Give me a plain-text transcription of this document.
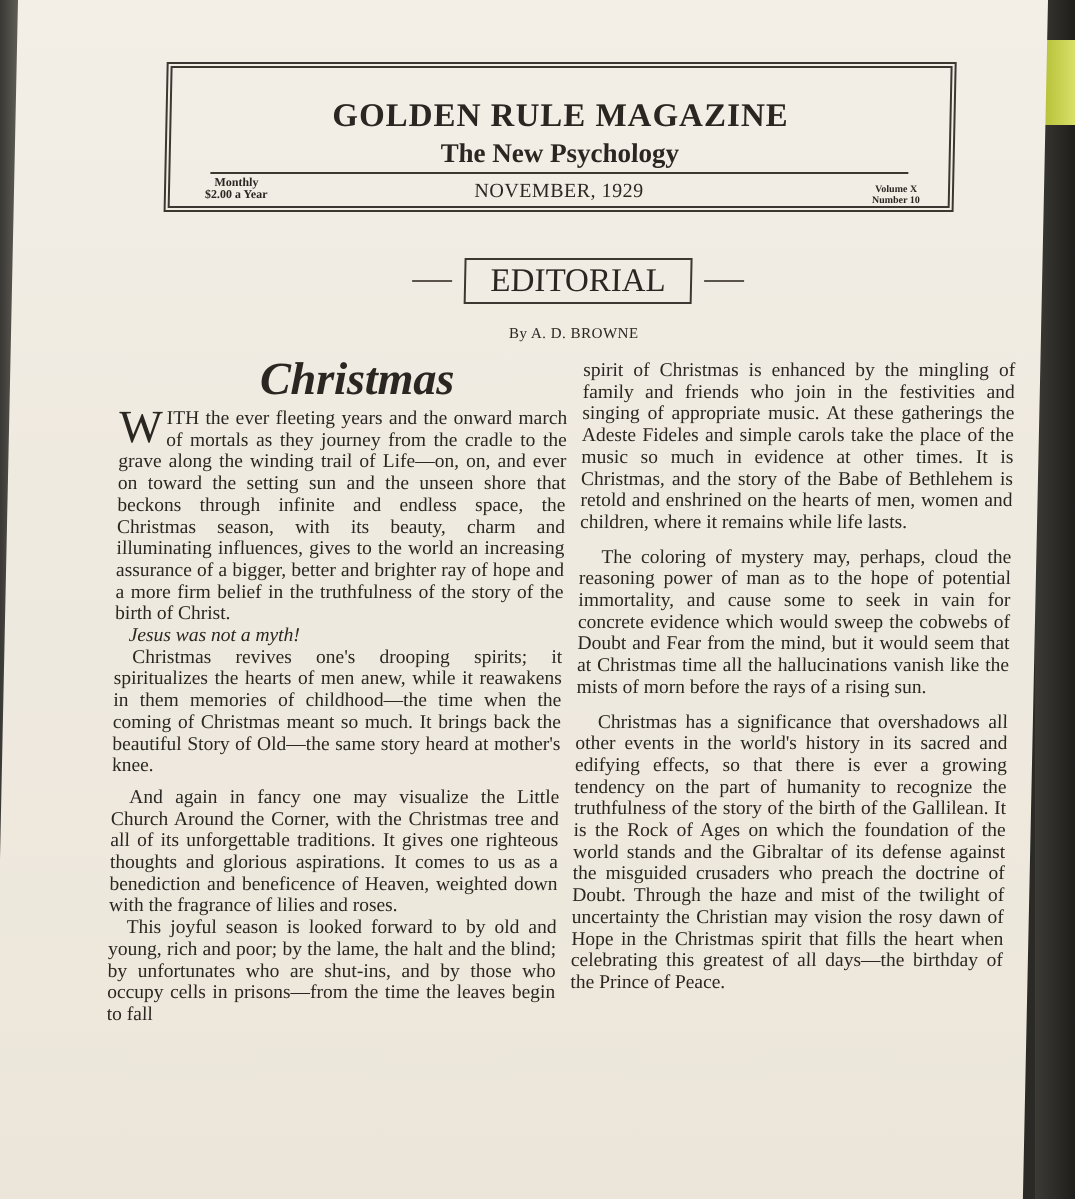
GOLDEN RULE MAGAZINE
The New Psychology
Monthly
$2.00 a Year	NOVEMBER, 1929	Volume X
Number 10
EDITORIAL
By A. D. BROWNE
Christmas

WITH the ever fleeting years and the onward march of mortals as they journey from the cradle to the grave along the winding trail of Life—on, on, and ever on toward the setting sun and the unseen shore that beckons through infinite and endless space, the Christmas season, with its beauty, charm and illuminating influences, gives to the world an increasing assurance of a bigger, better and brighter ray of hope and a more firm belief in the truthfulness of the story of the birth of Christ.

Jesus was not a myth!

Christmas revives one's drooping spirits; it spiritualizes the hearts of men anew, while it reawakens in them memories of childhood—the time when the coming of Christmas meant so much. It brings back the beautiful Story of Old—the same story heard at mother's knee.

And again in fancy one may visualize the Little Church Around the Corner, with the Christmas tree and all of its unforgettable traditions. It gives one righteous thoughts and glorious aspirations. It comes to us as a benediction and beneficence of Heaven, weighted down with the fragrance of lilies and roses.

This joyful season is looked forward to by old and young, rich and poor; by the lame, the halt and the blind; by unfortunates who are shut-ins, and by those who occupy cells in prisons—from the time the leaves begin to fall

spirit of Christmas is enhanced by the mingling of family and friends who join in the festivities and singing of appropriate music. At these gatherings the Adeste Fideles and simple carols take the place of the music so much in evidence at other times. It is Christmas, and the story of the Babe of Bethlehem is retold and enshrined on the hearts of men, women and children, where it remains while life lasts.

The coloring of mystery may, perhaps, cloud the reasoning power of man as to the hope of potential immortality, and cause some to seek in vain for concrete evidence which would sweep the cobwebs of Doubt and Fear from the mind, but it would seem that at Christmas time all the hallucinations vanish like the mists of morn before the rays of a rising sun.

Christmas has a significance that overshadows all other events in the world's history in its sacred and edifying effects, so that there is ever a growing tendency on the part of humanity to recognize the truthfulness of the story of the birth of the Gallilean. It is the Rock of Ages on which the foundation of the world stands and the Gibraltar of its defense against the misguided crusaders who preach the doctrine of Doubt. Through the haze and mist of the twilight of uncertainty the Christian may vision the rosy dawn of Hope in the Christmas spirit that fills the heart when celebrating this greatest of all days—the birthday of the Prince of Peace.
